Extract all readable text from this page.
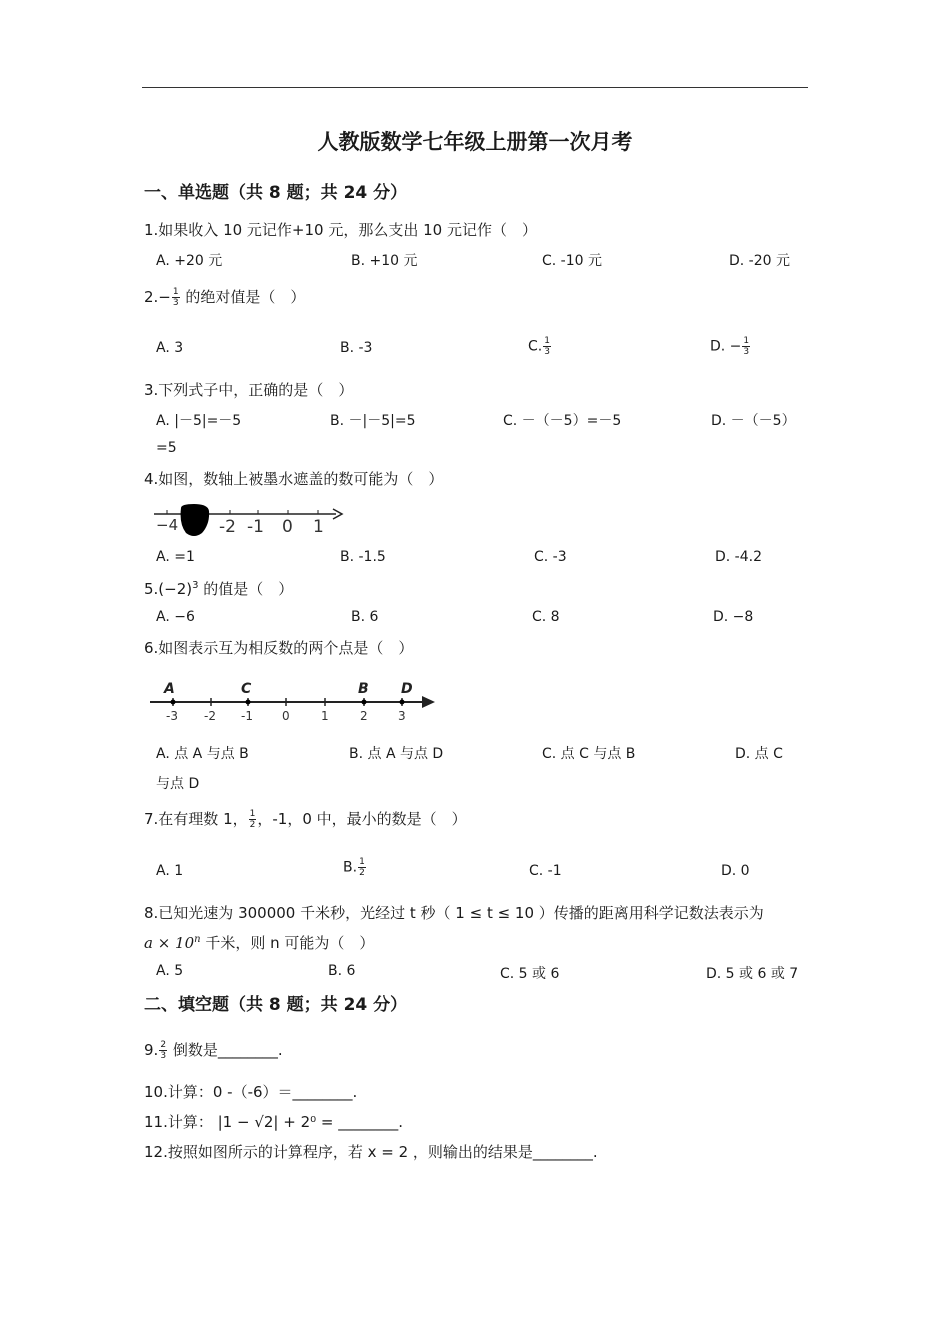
人教版数学七年级上册第一次月考
一、单选题（共 8 题；共 24 分）
1.如果收入 10 元记作+10 元，那么支出 10 元记作（　）
A. +20 元	B. +10 元	C. -10 元	D. -20 元
$2.- \frac{1}{3}$ 的绝对值是（　）
A. 3	B. -3	C. $\frac{1}{3}$	D. − $\frac{1}{3}$
3.下列式子中，正确的是（　）
A. |－5|=－5	B. －|－5|=5	C. －（－5）=－5	D. －（－5）
=5
4.如图，数轴上被墨水遮盖的数可能为（　）
−4 -2 -1 0 1
A. =1	B. -1.5	C. -3	D. -4.2
$5.(-2)^3$ 的值是（　）
A. −6	B. 6	C. 8	D. −8
6.如图表示互为相反数的两个点是（　）
A	C	B D
-3 -2 -1 0	1	2	3
A. 点 A 与点 B	B. 点 A 与点 D	C. 点 C 与点 B	D. 点 C
与点 D
7.在有理数 1， $\frac{1}{2}$ ，-1，0 中，最小的数是（　）
A. 1	B. $\frac{1}{2}$	C. -1	D. 0
8.已知光速为 300000 千米秒，光经过 t 秒（ 1 ≤ t ≤ 10 ）传播的距离用科学记数法表示为
$a \times 10^n$ 千米，则 n 可能为（　）
A. 5	B. 6	C. 5 或 6	D. 5 或 6 或 7
二、填空题（共 8 题；共 24 分）
9. $\frac{2}{3}$ 倒数是________.
10.计算：0 -（-6）＝________.
11.计算： |1 − √2| + 2⁰ = ________.
12.按照如图所示的计算程序，若 x = 2 ，则输出的结果是________.
